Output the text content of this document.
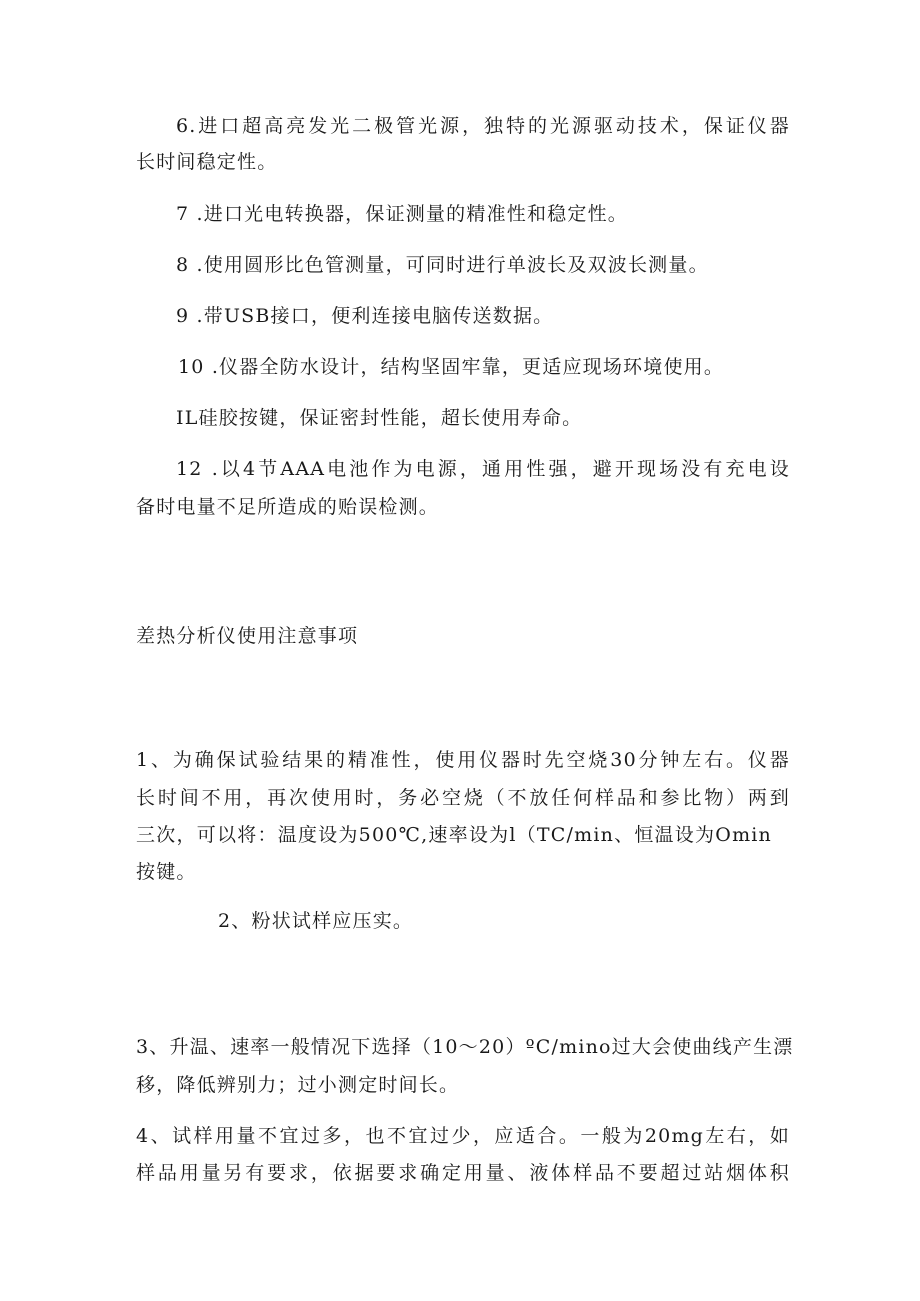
6.进口超高亮发光二极管光源，独特的光源驱动技术，保证仪器

长时间稳定性。

7 .进口光电转换器，保证测量的精准性和稳定性。

8 .使用圆形比色管测量，可同时进行单波长及双波长测量。

9 .带USB接口，便利连接电脑传送数据。

10 .仪器全防水设计，结构坚固牢靠，更适应现场环境使用。

IL硅胶按键，保证密封性能，超长使用寿命。

12 .以4节AAA电池作为电源，通用性强，避开现场没有充电设

备时电量不足所造成的贻误检测。

差热分析仪使用注意事项

1、为确保试验结果的精准性，使用仪器时先空烧30分钟左右。仪器

长时间不用，再次使用时，务必空烧（不放任何样品和参比物）两到

三次，可以将：温度设为500℃,速率设为l（TC∕min、恒温设为Omin

按键。

2、粉状试样应压实。

3、升温、速率一般情况下选择（10～20）ºC∕mino过大会使曲线产生漂

移，降低辨别力；过小测定时间长。

4、试样用量不宜过多，也不宜过少，应适合。一般为20mg左右，如

样品用量另有要求，依据要求确定用量、液体样品不要超过站烟体积
